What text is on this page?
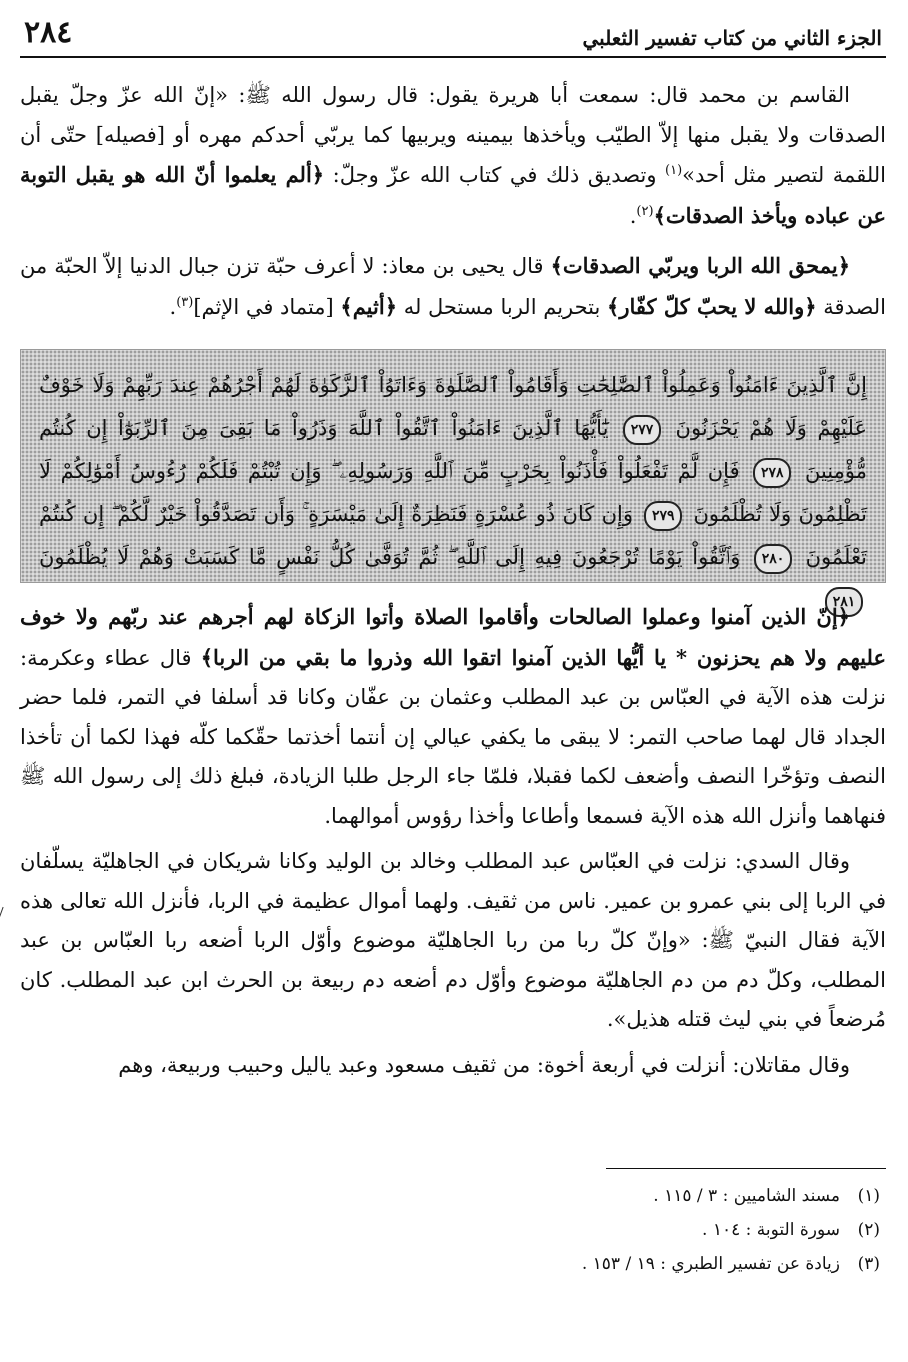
الجزء الثاني من كتاب تفسير الثعلبي
٢٨٤

القاسم بن محمد قال: سمعت أبا هريرة يقول: قال رسول الله ﷺ: «إنّ الله عزّ وجلّ يقبل الصدقات ولا يقبل منها إلاّ الطيّب ويأخذها بيمينه ويربيها كما يربّي أحدكم مهره أو [فصيله] حتّى أن اللقمة لتصير مثل أحد»$^{(١)}$ وتصديق ذلك في كتاب الله عزّ وجلّ: ﴿ألم يعلموا أنّ الله هو يقبل التوبة عن عباده ويأخذ الصدقات﴾$^{(٢)}$.

﴿يمحق الله الربا ويربّي الصدقات﴾ قال يحيى بن معاذ: لا أعرف حبّة تزن جبال الدنيا إلاّ الحبّة من الصدقة ﴿والله لا يحبّ كلّ كفّار﴾ بتحريم الربا مستحل له ﴿أثيم﴾ [متماد في الإثم]$^{(٣)}$.

إِنَّ ٱلَّذِينَ ءَامَنُواْ وَعَمِلُواْ ٱلصَّٰلِحَٰتِ وَأَقَامُواْ ٱلصَّلَوٰةَ وَءَاتَوُاْ ٱلزَّكَوٰةَ لَهُمْ أَجْرُهُمْ عِندَ رَبِّهِمْ وَلَا خَوْفٌ عَلَيْهِمْ وَلَا هُمْ يَحْزَنُونَ ٢٧٧ يَٰٓأَيُّهَا ٱلَّذِينَ ءَامَنُواْ ٱتَّقُواْ ٱللَّهَ وَذَرُواْ مَا بَقِىَ مِنَ ٱلرِّبَوٰٓاْ إِن كُنتُم مُّؤْمِنِينَ ٢٧٨ فَإِن لَّمْ تَفْعَلُواْ فَأْذَنُواْ بِحَرْبٍ مِّنَ ٱللَّهِ وَرَسُولِهِۦ ۖ وَإِن تُبْتُمْ فَلَكُمْ رُءُوسُ أَمْوَٰلِكُمْ لَا تَظْلِمُونَ وَلَا تُظْلَمُونَ ٢٧٩ وَإِن كَانَ ذُو عُسْرَةٍ فَنَظِرَةٌ إِلَىٰ مَيْسَرَةٍ ۚ وَأَن تَصَدَّقُواْ خَيْرٌ لَّكُمْ ۖ إِن كُنتُمْ تَعْلَمُونَ ٢٨٠ وَٱتَّقُواْ يَوْمًا تُرْجَعُونَ فِيهِ إِلَى ٱللَّهِ ۖ ثُمَّ تُوَفَّىٰ كُلُّ نَفْسٍ مَّا كَسَبَتْ وَهُمْ لَا يُظْلَمُونَ ٢٨١

﴿إنّ الذين آمنوا وعملوا الصالحات وأقاموا الصلاة وأتوا الزكاة لهم أجرهم عند ربّهم ولا خوف عليهم ولا هم يحزنون * يا أيُّها الذين آمنوا اتقوا الله وذروا ما بقي من الربا﴾ قال عطاء وعكرمة: نزلت هذه الآية في العبّاس بن عبد المطلب وعثمان بن عفّان وكانا قد أسلفا في التمر، فلما حضر الجداد قال لهما صاحب التمر: لا يبقى ما يكفي عيالي إن أنتما أخذتما حقّكما كلّه فهذا لكما أن تأخذا النصف وتؤخّرا النصف وأضعف لكما فقبلا، فلمّا جاء الرجل طلبا الزيادة، فبلغ ذلك إلى رسول الله ﷺ فنهاهما وأنزل الله هذه الآية فسمعا وأطاعا وأخذا رؤوس أموالهما.

وقال السدي: نزلت في العبّاس عبد المطلب وخالد بن الوليد وكانا شريكان في الجاهليّة يسلّفان في الربا إلى بني عمرو بن عمير. ناس من ثقيف. ولهما أموال عظيمة في الربا، فأنزل الله تعالى هذه الآية فقال النبيّ ﷺ: «وإنّ كلّ ربا من ربا الجاهليّة موضوع وأوّل الربا أضعه ربا العبّاس بن عبد المطلب، وكلّ دم من دم الجاهليّة موضوع وأوّل دم أضعه دم ربيعة بن الحرث ابن عبد المطلب. كان مُرضعاً في بني ليث قتله هذيل».

وقال مقاتلان: أنزلت في أربعة أخوة: من ثقيف مسعود وعبد ياليل وحبيب وربيعة، وهم

(١)مسند الشاميين : ٣ / ١١٥ .

(٢)سورة التوبة : ١٠٤ .

(٣)زيادة عن تفسير الطبري : ١٩ / ١٥٣ .
